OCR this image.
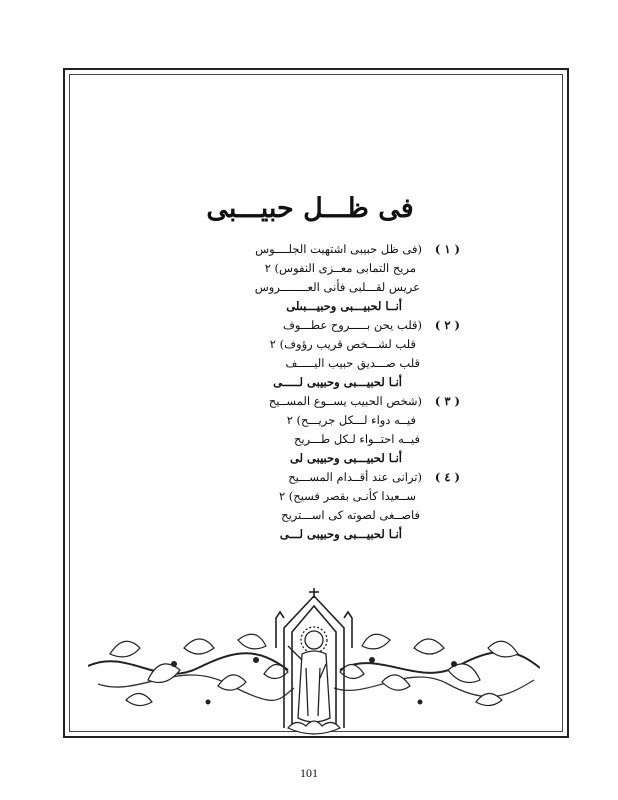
فى ظـــل حبيـــبى
( ۱ )(فى ظل حبيبى اشتهيت الجلــــوس
مريح التمابى معــزى النفوس) ٢
عريس لقـــلبى فأنى العــــــــروس
أنــا لحبيـــبى وحبيـــبىلى
( ٢ )(قلب يحن بـــــروح عطـــوف
قلب لشـــخص قريب رؤوف) ٢
قلب صـــديق حبيب اليـــــف
أنـا لحبيـــبى وحبيبى لـــــى
( ٣ )(شخص الحبيب يســوع المســيح
فيــه دواء لـــكل جريـــح) ٢
فيــه احتــواء لـكل طـــريح
أنـا لحبيـــبى وحبيبى لى
( ٤ )(ترانى عند أقــدام المســـيح
ســعيدا كأنـى بقصر فسيح) ٢
فاصــغى لصوته كى اســـتريح
أنـا لحبيـــبى وحبيبى لـــى
101
